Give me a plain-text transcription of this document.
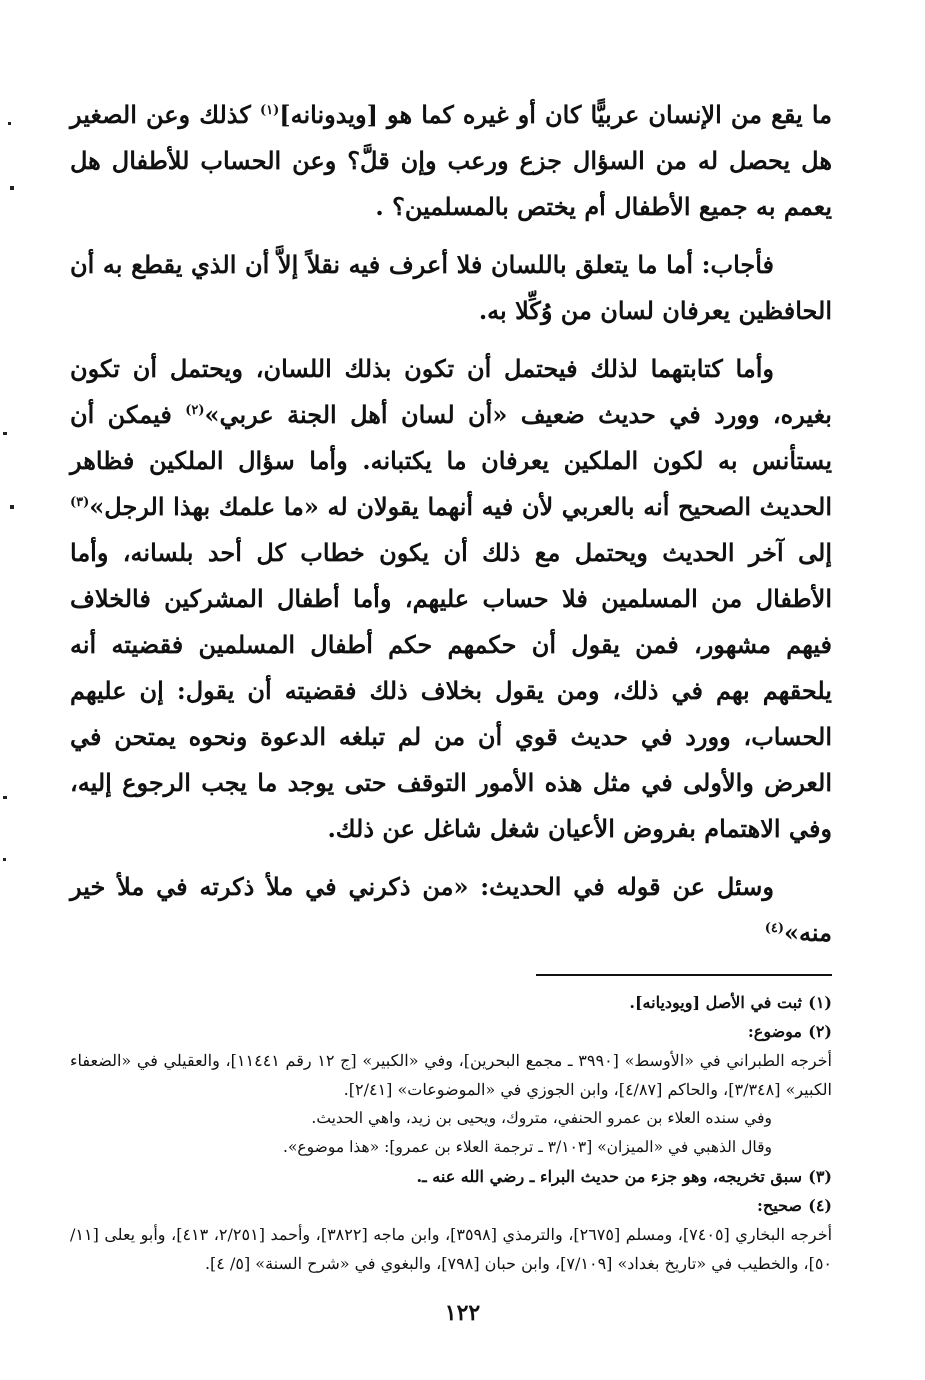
ما يقع من الإنسان عربيًّا كان أو غيره كما هو [ويدونانه]$^{(١)}$ كذلك وعن الصغير هل يحصل له من السؤال جزع ورعب وإن قلَّ؟ وعن الحساب للأطفال هل يعمم به جميع الأطفال أم يختص بالمسلمين؟ .

فأجاب: أما ما يتعلق باللسان فلا أعرف فيه نقلاً إلاَّ أن الذي يقطع به أن الحافظين يعرفان لسان من وُكِّلا به.

وأما كتابتهما لذلك فيحتمل أن تكون بذلك اللسان، ويحتمل أن تكون بغيره، وورد في حديث ضعيف «أن لسان أهل الجنة عربي»$^{(٢)}$ فيمكن أن يستأنس به لكون الملكين يعرفان ما يكتبانه. وأما سؤال الملكين فظاهر الحديث الصحيح أنه بالعربي لأن فيه أنهما يقولان له «ما علمك بهذا الرجل»$^{(٣)}$ إلى آخر الحديث ويحتمل مع ذلك أن يكون خطاب كل أحد بلسانه، وأما الأطفال من المسلمين فلا حساب عليهم، وأما أطفال المشركين فالخلاف فيهم مشهور، فمن يقول أن حكمهم حكم أطفال المسلمين فقضيته أنه يلحقهم بهم في ذلك، ومن يقول بخلاف ذلك فقضيته أن يقول: إن عليهم الحساب، وورد في حديث قوي أن من لم تبلغه الدعوة ونحوه يمتحن في العرض والأولى في مثل هذه الأمور التوقف حتى يوجد ما يجب الرجوع إليه، وفي الاهتمام بفروض الأعيان شغل شاغل عن ذلك.

وسئل عن قوله في الحديث: «من ذكرني في ملأ ذكرته في ملأ خير منه»$^{(٤)}$

(١)ثبت في الأصل [ويوديانه].

(٢)موضوع:

أخرجه الطبراني في «الأوسط» [٣٩٩٠ ـ مجمع البحرين]، وفي «الكبير» [ج ١٢ رقم ١١٤٤١]، والعقيلي في «الضعفاء الكبير» [٣/٣٤٨]، والحاكم [٤/٨٧]، وابن الجوزي في «الموضوعات» [٢/٤١].

وفي سنده العلاء بن عمرو الحنفي، متروك، ويحيى بن زيد، واهي الحديث.

وقال الذهبي في «الميزان» [٣/١٠٣ ـ ترجمة العلاء بن عمرو]: «هذا موضوع».

(٣)سبق تخريجه، وهو جزء من حديث البراء ـ رضي الله عنه ـ.

(٤)صحيح:

أخرجه البخاري [٧٤٠٥]، ومسلم [٢٦٧٥]، والترمذي [٣٥٩٨]، وابن ماجه [٣٨٢٢]، وأحمد [٢/٢٥١، ٤١٣]، وأبو يعلى [١١/ ٥٠]، والخطيب في «تاريخ بغداد» [٧/١٠٩]، وابن حبان [٧٩٨]، والبغوي في «شرح السنة» [٥/ ٤].

١٢٢
